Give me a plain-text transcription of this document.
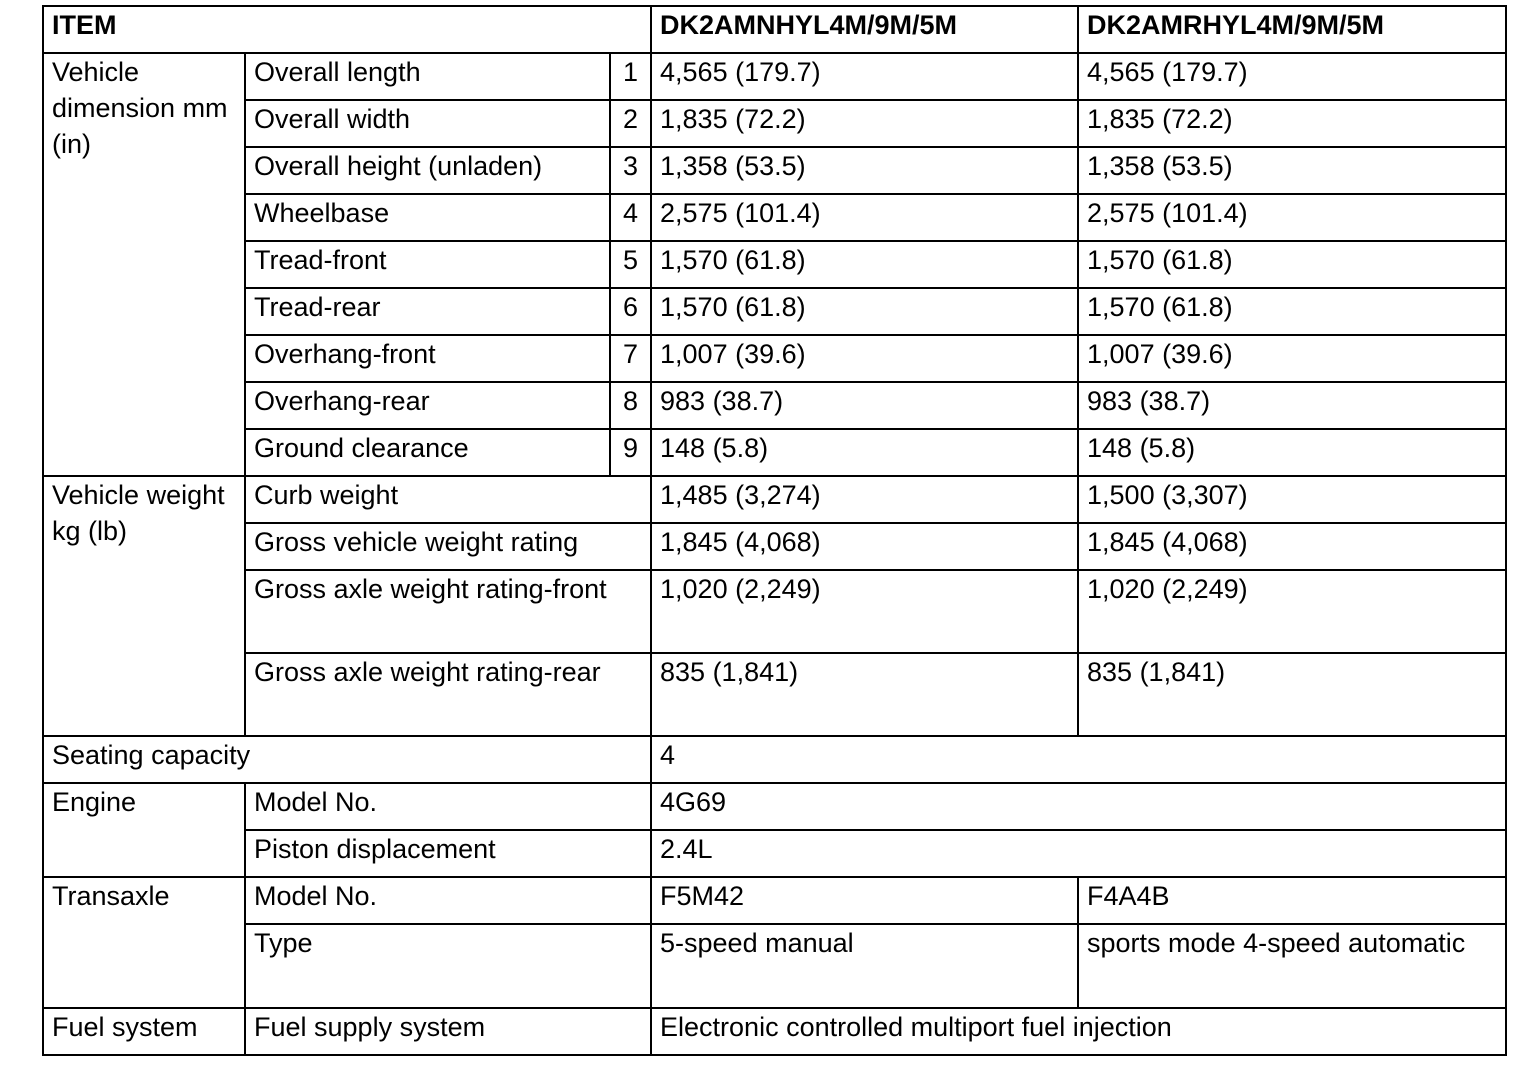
ITEM			DK2AMNHYL4M/9M/5M	DK2AMRHYL4M/9M/5M
Vehicle dimension mm (in)	Overall length	1	4,565 (179.7)	4,565 (179.7)
	Overall width	2	1,835 (72.2)	1,835 (72.2)
	Overall height (unladen)	3	1,358 (53.5)	1,358 (53.5)
	Wheelbase	4	2,575 (101.4)	2,575 (101.4)
	Tread-front	5	1,570 (61.8)	1,570 (61.8)
	Tread-rear	6	1,570 (61.8)	1,570 (61.8)
	Overhang-front	7	1,007 (39.6)	1,007 (39.6)
	Overhang-rear	8	983 (38.7)	983 (38.7)
	Ground clearance	9	148 (5.8)	148 (5.8)
Vehicle weight kg (lb)	Curb weight		1,485 (3,274)	1,500 (3,307)
	Gross vehicle weight rating		1,845 (4,068)	1,845 (4,068)
	Gross axle weight rating-front		1,020 (2,249)	1,020 (2,249)
	Gross axle weight rating-rear		835 (1,841)	835 (1,841)
Seating capacity			4	
Engine	Model No.		4G69	
	Piston displacement		2.4L	
Transaxle	Model No.		F5M42	F4A4B
	Type		5-speed manual	sports mode 4-speed automatic
Fuel system	Fuel supply system		Electronic controlled multiport fuel injection	
